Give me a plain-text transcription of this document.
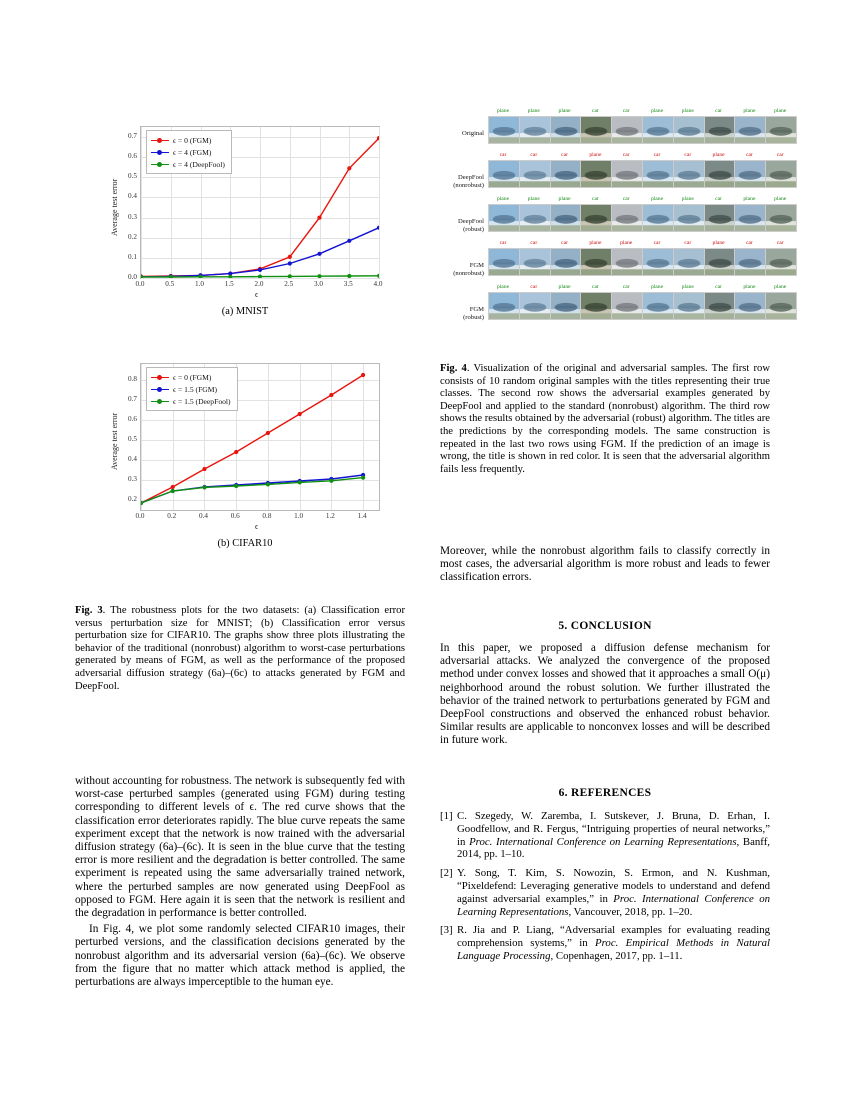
0.0	0.5	1.0	1.5	2.0	2.5	3.0	3.5	4.0
0.0
0.1
0.2
0.3
0.4
0.5
0.6
0.7
ϵ
Average test error
ϵ = 0 (FGM)
ϵ = 4 (FGM)
ϵ = 4 (DeepFool)
(a) MNIST
0.0	0.2	0.4	0.6	0.8	1.0	1.2	1.4
0.2
0.3
0.4
0.5
0.6
0.7
0.8
ϵ
Average test error
ϵ = 0 (FGM)
ϵ = 1.5 (FGM)
ϵ = 1.5 (DeepFool)
(b) CIFAR10

Fig. 3. The robustness plots for the two datasets: (a) Classification error versus perturbation size for MNIST; (b) Classification error versus perturbation size for CIFAR10. The graphs show three plots illustrating the behavior of the traditional (nonrobust) algorithm to worst-case perturbations generated by means of FGM, as well as the performance of the proposed adversarial diffusion strategy (6a)–(6c) to attacks generated by FGM and DeepFool.

without accounting for robustness. The network is subsequently fed with worst-case perturbed samples (generated using FGM) during testing corresponding to different levels of ϵ. The red curve shows that the classification error deteriorates rapidly. The blue curve repeats the same experiment except that the network is now trained with the adversarial diffusion strategy (6a)–(6c). It is seen in the blue curve that the testing error is more resilient and the degradation is better controlled. The same experiment is repeated using the same adversarially trained network, where the perturbed samples are now generated using DeepFool as opposed to FGM. Here again it is seen that the network is resilient and the degradation in performance is better controlled.

In Fig. 4, we plot some randomly selected CIFAR10 images, their perturbed versions, and the classification decisions generated by the nonrobust algorithm and its adversarial version (6a)–(6c). We observe from the figure that no matter which attack method is applied, the perturbations are always imperceptible to the human eye.

Original
plane	plane	plane	car	car	plane	plane	car	plane	plane
DeepFool
(nonrobust)
car	car	car	plane	car	car	car	plane	car	car
DeepFool
(robust)
plane	plane	plane	car	car	plane	plane	car	plane	plane
FGM
(nonrobust)
car	car	car	plane	plane	car	car	plane	car	car
FGM
(robust)
plane	car	plane	car	car	plane	plane	car	plane	plane

Fig. 4. Visualization of the original and adversarial samples. The first row consists of 10 random original samples with the titles representing their true classes. The second row shows the adversarial examples generated by DeepFool and applied to the standard (nonrobust) algorithm. The third row shows the results obtained by the adversarial (robust) algorithm. The titles are the predictions by the corresponding models. The same construction is repeated in the last two rows using FGM. If the prediction of an image is wrong, the title is shown in red color. It is seen that the adversarial algorithm fails less frequently.

Moreover, while the nonrobust algorithm fails to classify correctly in most cases, the adversarial algorithm is more robust and leads to fewer classification errors.

5. CONCLUSION

In this paper, we proposed a diffusion defense mechanism for adversarial attacks. We analyzed the convergence of the proposed method under convex losses and showed that it approaches a small O(μ) neighborhood around the robust solution. We further illustrated the behavior of the trained network to perturbations generated by FGM and DeepFool constructions and observed the enhanced robust behavior. Similar results are applicable to nonconvex losses and will be described in future work.

6. REFERENCES
[1] C. Szegedy, W. Zaremba, I. Sutskever, J. Bruna, D. Erhan, I. Goodfellow, and R. Fergus, “Intriguing properties of neural networks,” in Proc. International Conference on Learning Representations, Banff, 2014, pp. 1–10.
[2] Y. Song, T. Kim, S. Nowozin, S. Ermon, and N. Kushman, “Pixeldefend: Leveraging generative models to understand and defend against adversarial examples,” in Proc. International Conference on Learning Representations, Vancouver, 2018, pp. 1–20.
[3] R. Jia and P. Liang, “Adversarial examples for evaluating reading comprehension systems,” in Proc. Empirical Methods in Natural Language Processing, Copenhagen, 2017, pp. 1–11.
